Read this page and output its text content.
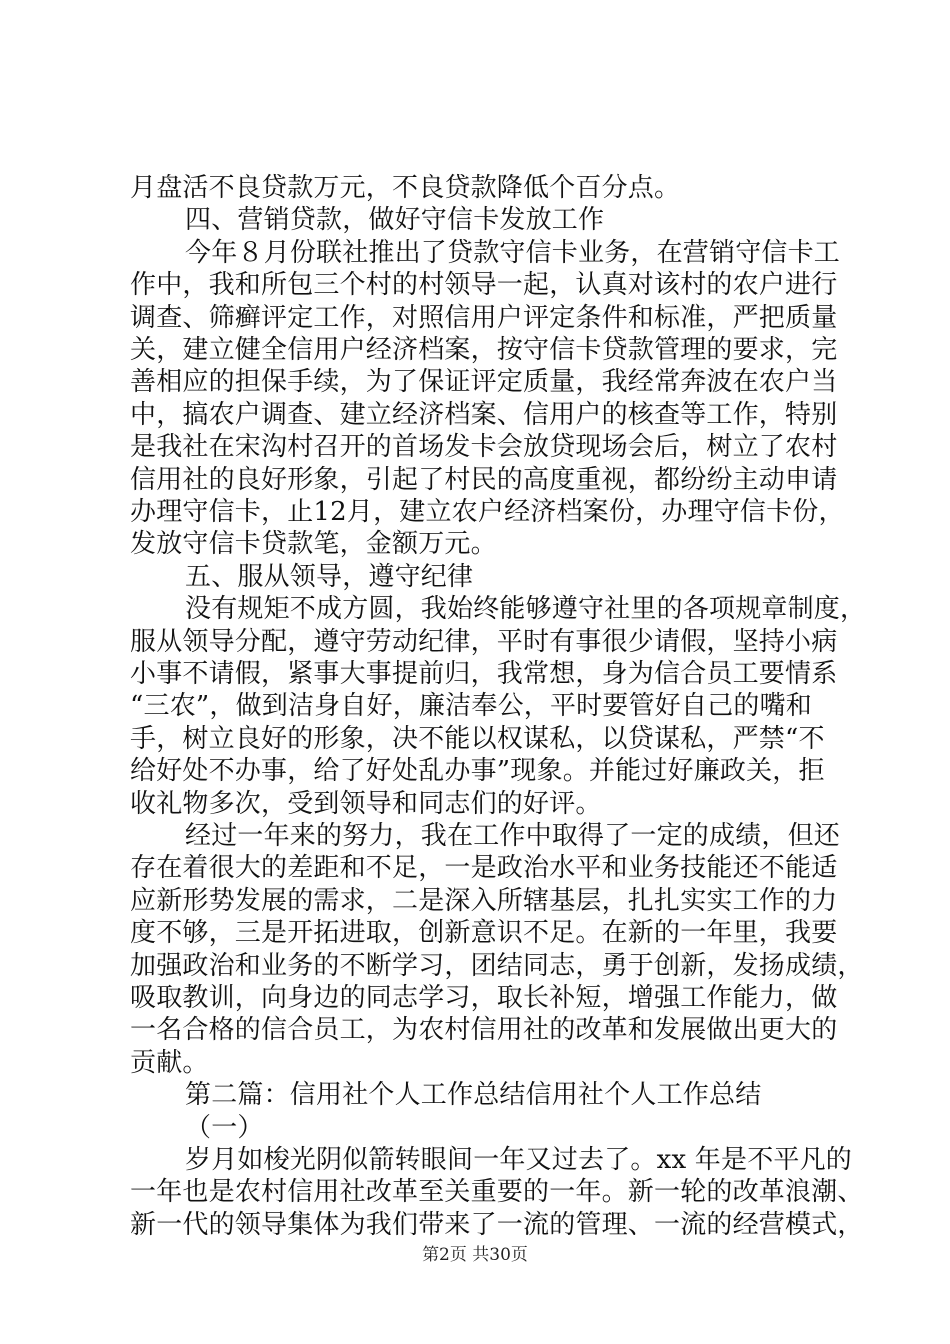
月盘活不良贷款万元，不良贷款降低个百分点。
四、营销贷款，做好守信卡发放工作
今年８月份联社推出了贷款守信卡业务，在营销守信卡工
作中，我和所包三个村的村领导一起，认真对该村的农户进行
调查、筛癣评定工作，对照信用户评定条件和标准，严把质量
关，建立健全信用户经济档案，按守信卡贷款管理的要求，完
善相应的担保手续，为了保证评定质量，我经常奔波在农户当
中，搞农户调查、建立经济档案、信用户的核查等工作，特别
是我社在宋沟村召开的首场发卡会放贷现场会后，树立了农村
信用社的良好形象，引起了村民的高度重视，都纷纷主动申请
办理守信卡，止12月，建立农户经济档案份，办理守信卡份，
发放守信卡贷款笔，金额万元。
五、服从领导，遵守纪律
没有规矩不成方圆，我始终能够遵守社里的各项规章制度，
服从领导分配，遵守劳动纪律，平时有事很少请假，坚持小病
小事不请假，紧事大事提前归，我常想，身为信合员工要情系
“三农”，做到洁身自好，廉洁奉公，平时要管好自己的嘴和
手，树立良好的形象，决不能以权谋私，以贷谋私，严禁“不
给好处不办事，给了好处乱办事”现象。并能过好廉政关，拒
收礼物多次，受到领导和同志们的好评。
经过一年来的努力，我在工作中取得了一定的成绩，但还
存在着很大的差距和不足，一是政治水平和业务技能还不能适
应新形势发展的需求，二是深入所辖基层，扎扎实实工作的力
度不够，三是开拓进取，创新意识不足。在新的一年里，我要
加强政治和业务的不断学习，团结同志，勇于创新，发扬成绩，
吸取教训，向身边的同志学习，取长补短，增强工作能力，做
一名合格的信合员工，为农村信用社的改革和发展做出更大的
贡献。
第二篇：信用社个人工作总结信用社个人工作总结
（一）
岁月如梭光阴似箭转眼间一年又过去了。xx 年是不平凡的
一年也是农村信用社改革至关重要的一年。新一轮的改革浪潮、
新一代的领导集体为我们带来了一流的管理、一流的经营模式，
第2页 共30页
